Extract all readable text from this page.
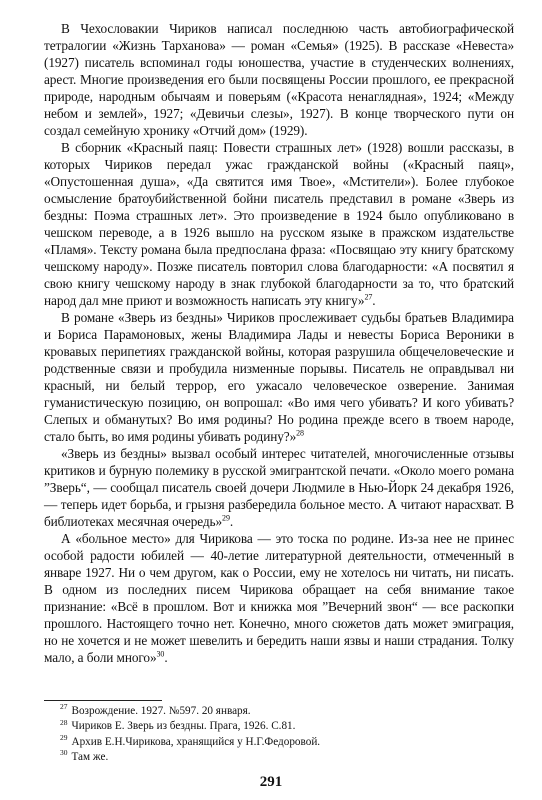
В Чехословакии Чириков написал последнюю часть автобиографической тетралогии «Жизнь Тарханова» — роман «Семья» (1925). В рассказе «Невеста» (1927) писатель вспоминал годы юношества, участие в студенческих волнениях, арест. Многие произведения его были посвящены России прошлого, ее прекрасной природе, народным обычаям и поверьям («Красота ненаглядная», 1924; «Между небом и землей», 1927; «Девичьи слезы», 1927). В конце творческого пути он создал семейную хронику «Отчий дом» (1929).

В сборник «Красный паяц: Повести страшных лет» (1928) вошли рассказы, в которых Чириков передал ужас гражданской войны («Красный паяц», «Опустошенная душа», «Да святится имя Твое», «Мстители»). Более глубокое осмысление братоубийственной бойни писатель представил в романе «Зверь из бездны: Поэма страшных лет». Это произведение в 1924 было опубликовано в чешском переводе, а в 1926 вышло на русском языке в пражском издательстве «Пламя». Тексту романа была предпослана фраза: «Посвящаю эту книгу братскому чешскому народу». Позже писатель повторил слова благодарности: «А посвятил я свою книгу чешскому народу в знак глубокой благодарности за то, что братский народ дал мне приют и возможность написать эту книгу»$^{27}$.

В романе «Зверь из бездны» Чириков прослеживает судьбы братьев Владимира и Бориса Парамоновых, жены Владимира Лады и невесты Бориса Вероники в кровавых перипетиях гражданской войны, которая разрушила общечеловеческие и родственные связи и пробудила низменные порывы. Писатель не оправдывал ни красный, ни белый террор, его ужасало человеческое озверение. Занимая гуманистическую позицию, он вопрошал: «Во имя чего убивать? И кого убивать? Слепых и обманутых? Во имя родины? Но родина прежде всего в твоем народе, стало быть, во имя родины убивать родину?»$^{28}$

«Зверь из бездны» вызвал особый интерес читателей, многочисленные отзывы критиков и бурную полемику в русской эмигрантской печати. «Около моего романа ”Зверь“, — сообщал писатель своей дочери Людмиле в Нью-Йорк 24 декабря 1926, — теперь идет борьба, и грызня разбередила больное место. А читают нарасхват. В библиотеках месячная очередь»$^{29}$.

А «больное место» для Чирикова — это тоска по родине. Из-за нее не принес особой радости юбилей — 40-летие литературной деятельности, отмеченный в январе 1927. Ни о чем другом, как о России, ему не хотелось ни читать, ни писать. В одном из последних писем Чирикова обращает на себя внимание такое признание: «Всё в прошлом. Вот и книжка моя ”Вечерний звон“ — все раскопки прошлого. Настоящего точно нет. Конечно, много сюжетов дать может эмиграция, но не хочется и не может шевелить и бередить наши язвы и наши страдания. Толку мало, а боли много»$^{30}$.

$^{27}$ Возрождение. 1927. №597. 20 января.

$^{28}$ Чириков Е. Зверь из бездны. Прага, 1926. С.81.

$^{29}$ Архив Е.Н.Чирикова, хранящийся у Н.Г.Федоровой.

$^{30}$ Там же.

291
